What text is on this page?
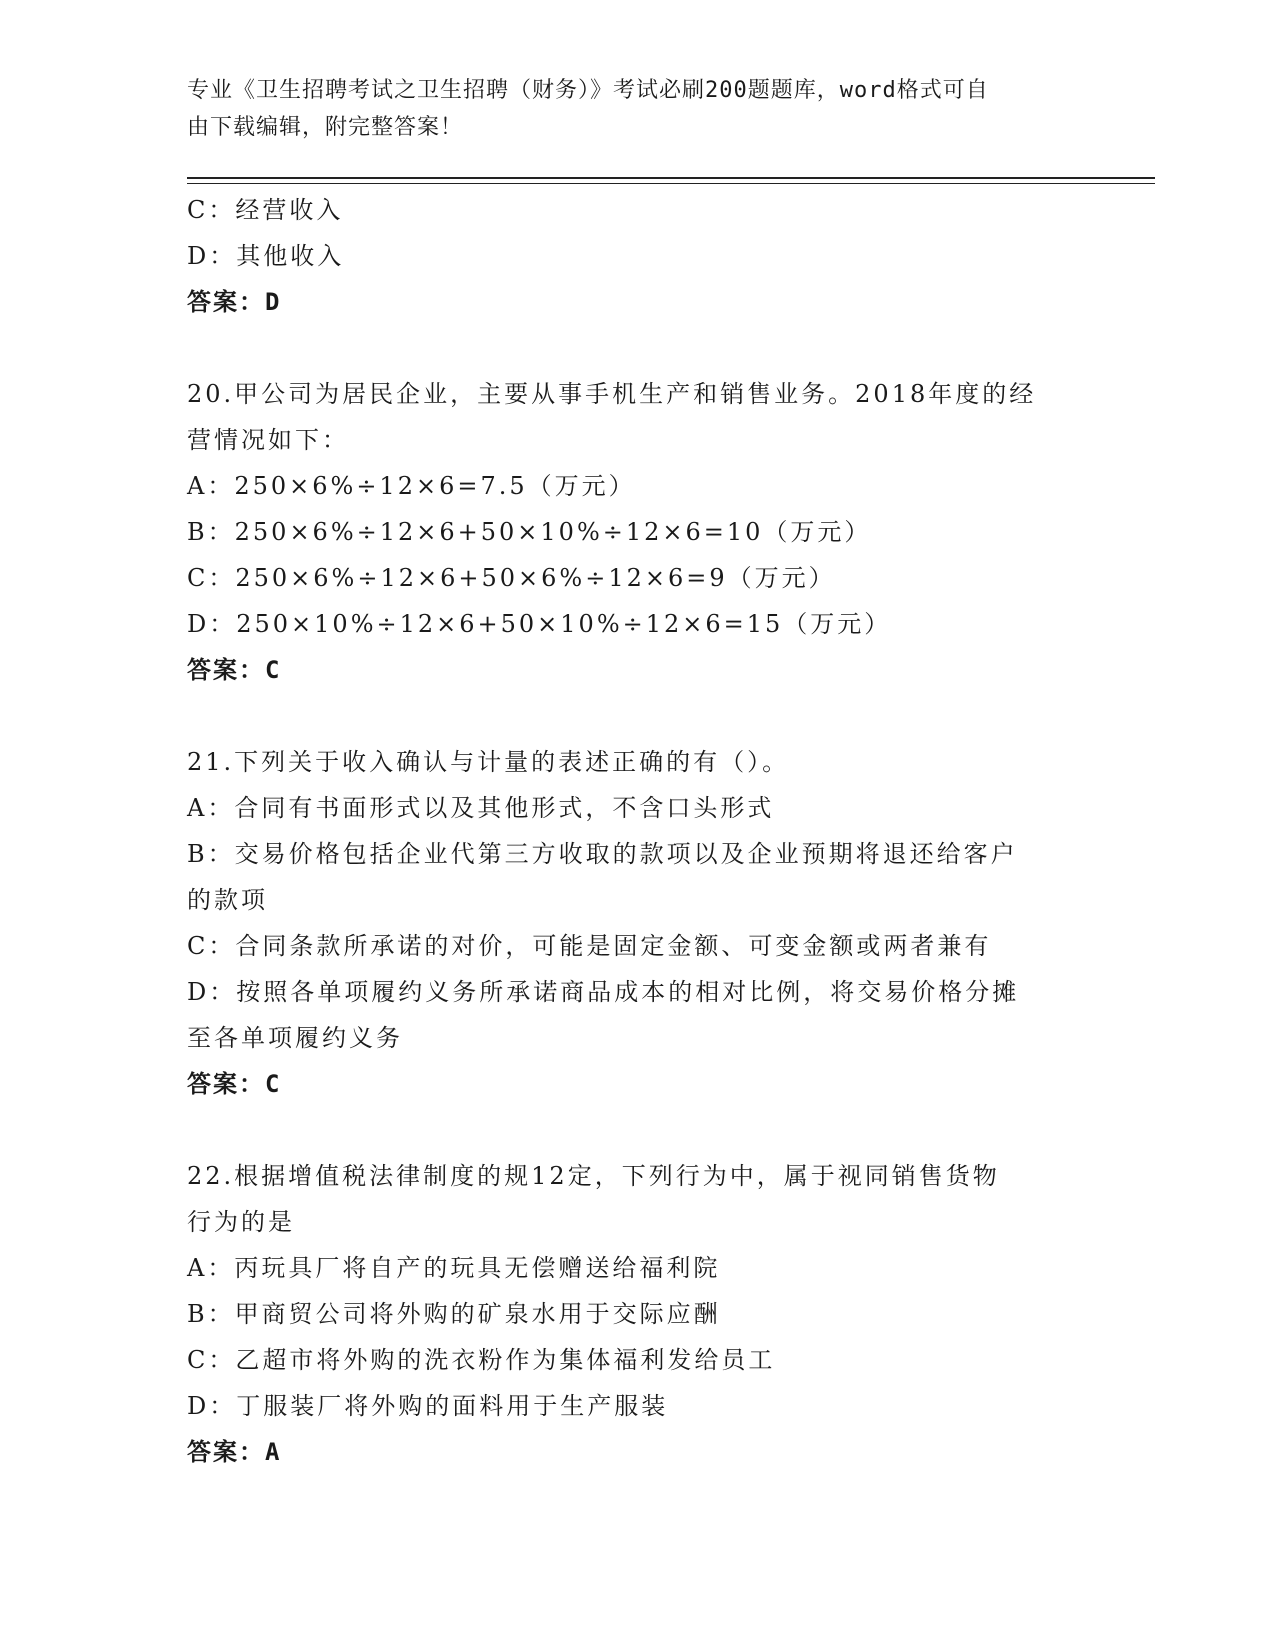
专业《卫生招聘考试之卫生招聘（财务）》考试必刷200题题库，word格式可自
由下载编辑，附完整答案！
C：经营收入
D：其他收入
答案：D
20.甲公司为居民企业，主要从事手机生产和销售业务。2018年度的经
营情况如下：
A：250×6%÷12×6=7.5（万元）
B：250×6%÷12×6+50×10%÷12×6=10（万元）
C：250×6%÷12×6+50×6%÷12×6=9（万元）
D：250×10%÷12×6+50×10%÷12×6=15（万元）
答案：C
21.下列关于收入确认与计量的表述正确的有（）。
A：合同有书面形式以及其他形式，不含口头形式
B：交易价格包括企业代第三方收取的款项以及企业预期将退还给客户
的款项
C：合同条款所承诺的对价，可能是固定金额、可变金额或两者兼有
D：按照各单项履约义务所承诺商品成本的相对比例，将交易价格分摊
至各单项履约义务
答案：C
22.根据增值税法律制度的规12定，下列行为中，属于视同销售货物
行为的是
A：丙玩具厂将自产的玩具无偿赠送给福利院
B：甲商贸公司将外购的矿泉水用于交际应酬
C：乙超市将外购的洗衣粉作为集体福利发给员工
D：丁服装厂将外购的面料用于生产服装
答案：A
